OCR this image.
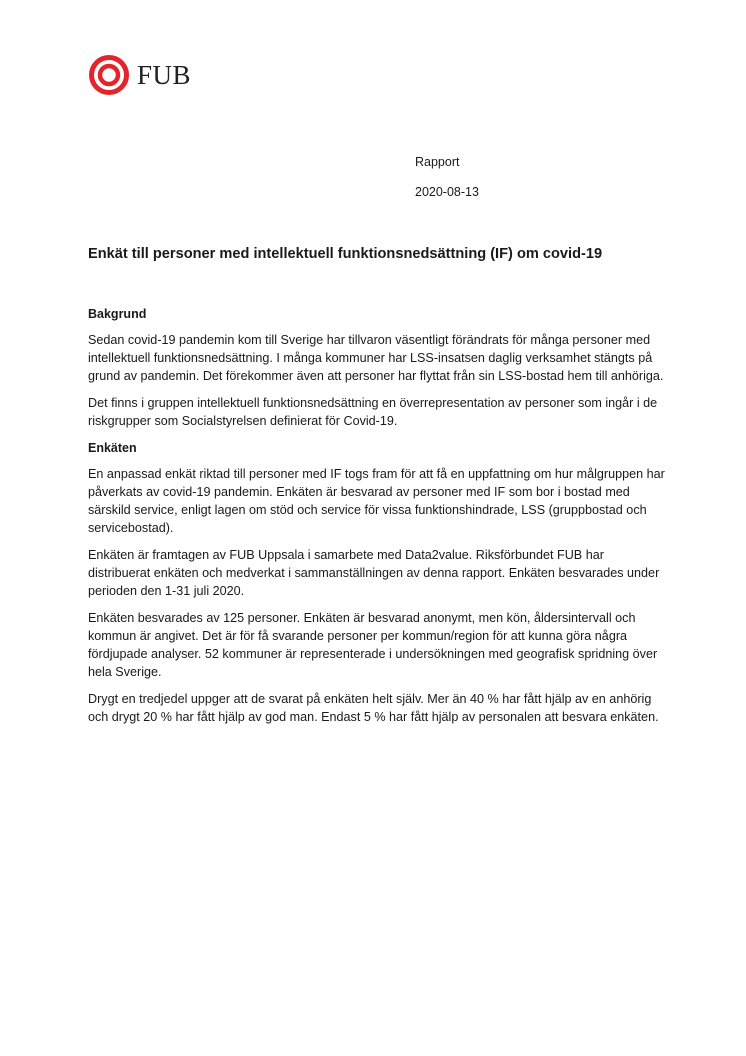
FUB
Rapport
2020-08-13
Enkät till personer med intellektuell funktionsnedsättning (IF) om covid-19
Bakgrund

Sedan covid-19 pandemin kom till Sverige har tillvaron väsentligt förändrats för många personer med intellektuell funktionsnedsättning. I många kommuner har LSS-insatsen daglig verksamhet stängts på grund av pandemin. Det förekommer även att personer har flyttat från sin LSS-bostad hem till anhöriga.

Det finns i gruppen intellektuell funktionsnedsättning en överrepresentation av personer som ingår i de riskgrupper som Socialstyrelsen definierat för Covid-19.

Enkäten

En anpassad enkät riktad till personer med IF togs fram för att få en uppfattning om hur målgruppen har påverkats av covid-19 pandemin. Enkäten är besvarad av personer med IF som bor i bostad med särskild service, enligt lagen om stöd och service för vissa funktionshindrade, LSS (gruppbostad och servicebostad).

Enkäten är framtagen av FUB Uppsala i samarbete med Data2value. Riksförbundet FUB har distribuerat enkäten och medverkat i sammanställningen av denna rapport. Enkäten besvarades under perioden den 1-31 juli 2020.

Enkäten besvarades av 125 personer. Enkäten är besvarad anonymt, men kön, åldersintervall och kommun är angivet. Det är för få svarande personer per kommun/region för att kunna göra några fördjupade analyser. 52 kommuner är representerade i undersökningen med geografisk spridning över hela Sverige.

Drygt en tredjedel uppger att de svarat på enkäten helt själv. Mer än 40 % har fått hjälp av en anhörig och drygt 20 % har fått hjälp av god man. Endast 5 % har fått hjälp av personalen att besvara enkäten.
